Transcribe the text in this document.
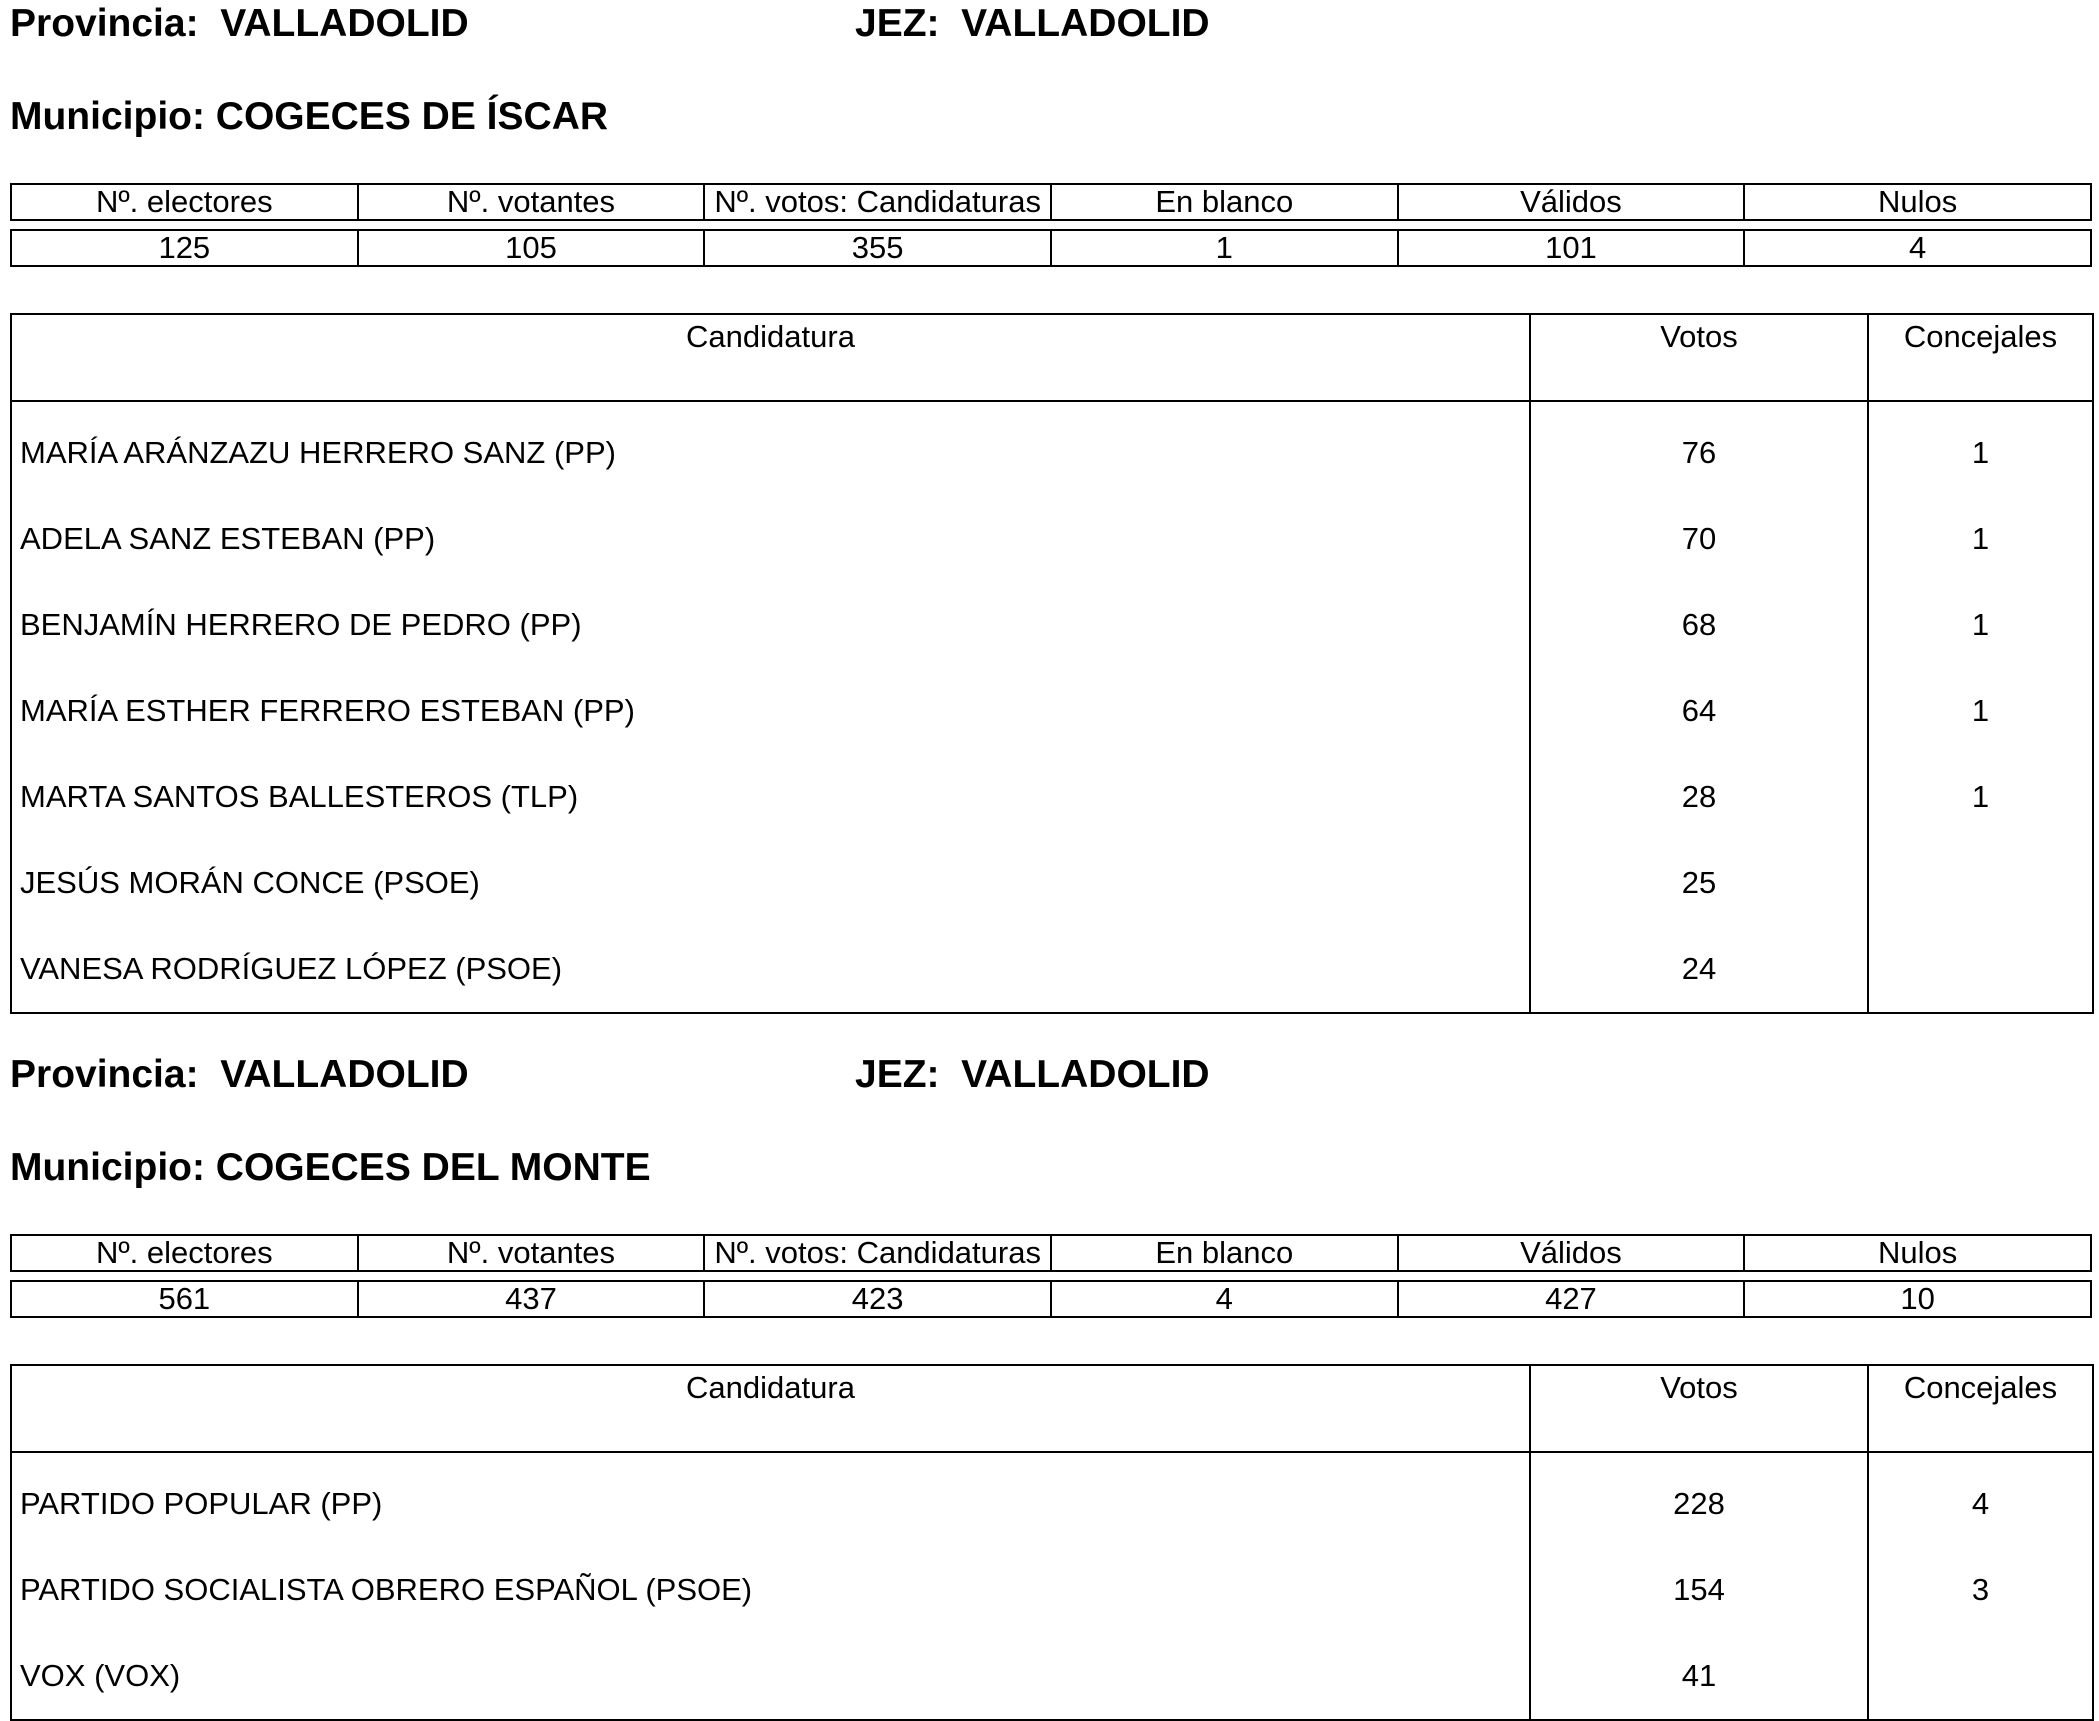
Provincia:  VALLADOLID	JEZ:  VALLADOLID
Municipio: COGECES DE ÍSCAR
Nº. electores	Nº. votantes	Nº. votos: Candidaturas	En blanco	Válidos	Nulos

125	105	355	1	101	4
Candidatura	Votos	Concejales
MARÍA ARÁNZAZU HERRERO SANZ (PP)	76	1
ADELA SANZ ESTEBAN (PP)	70	1
BENJAMÍN HERRERO DE PEDRO (PP)	68	1
MARÍA ESTHER FERRERO ESTEBAN (PP)	64	1
MARTA SANTOS BALLESTEROS (TLP)	28	1
JESÚS MORÁN CONCE (PSOE)	25	
VANESA RODRÍGUEZ LÓPEZ (PSOE)	24	
Provincia:  VALLADOLID	JEZ:  VALLADOLID
Municipio: COGECES DEL MONTE
Nº. electores	Nº. votantes	Nº. votos: Candidaturas	En blanco	Válidos	Nulos

561	437	423	4	427	10
Candidatura	Votos	Concejales
PARTIDO POPULAR (PP)	228	4
PARTIDO SOCIALISTA OBRERO ESPAÑOL (PSOE)	154	3
VOX (VOX)	41	
